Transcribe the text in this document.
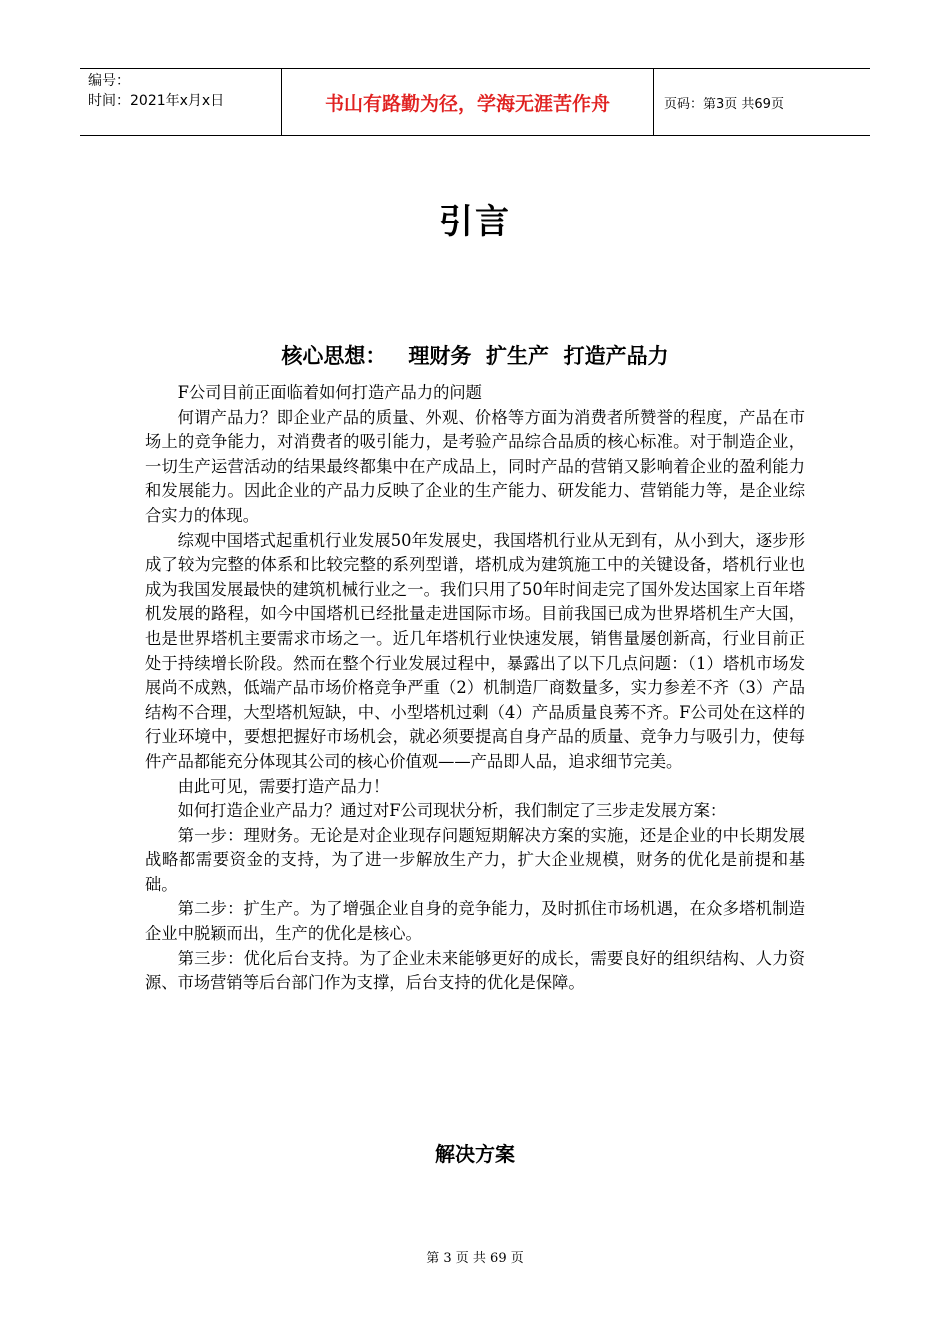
编号：
时间：2021年x月x日	书山有路勤为径，学海无涯苦作舟	页码：第3页 共69页
引言
核心思想：   理财务  扩生产  打造产品力

F公司目前正面临着如何打造产品力的问题

何谓产品力？即企业产品的质量、外观、价格等方面为消费者所赞誉的程度，产品在市场上的竞争能力，对消费者的吸引能力，是考验产品综合品质的核心标准。对于制造企业，一切生产运营活动的结果最终都集中在产成品上，同时产品的营销又影响着企业的盈利能力和发展能力。因此企业的产品力反映了企业的生产能力、研发能力、营销能力等，是企业综合实力的体现。

综观中国塔式起重机行业发展50年发展史，我国塔机行业从无到有，从小到大，逐步形成了较为完整的体系和比较完整的系列型谱，塔机成为建筑施工中的关键设备，塔机行业也成为我国发展最快的建筑机械行业之一。我们只用了50年时间走完了国外发达国家上百年塔机发展的路程，如今中国塔机已经批量走进国际市场。目前我国已成为世界塔机生产大国，也是世界塔机主要需求市场之一。近几年塔机行业快速发展，销售量屡创新高，行业目前正处于持续增长阶段。然而在整个行业发展过程中，暴露出了以下几点问题：（1）塔机市场发展尚不成熟，低端产品市场价格竞争严重（2）机制造厂商数量多，实力参差不齐（3）产品结构不合理，大型塔机短缺，中、小型塔机过剩（4）产品质量良莠不齐。F公司处在这样的行业环境中，要想把握好市场机会，就必须要提高自身产品的质量、竞争力与吸引力，使每件产品都能充分体现其公司的核心价值观——产品即人品，追求细节完美。

由此可见，需要打造产品力！

如何打造企业产品力？通过对F公司现状分析，我们制定了三步走发展方案：

第一步：理财务。无论是对企业现存问题短期解决方案的实施，还是企业的中长期发展战略都需要资金的支持，为了进一步解放生产力，扩大企业规模，财务的优化是前提和基础。

第二步：扩生产。为了增强企业自身的竞争能力，及时抓住市场机遇，在众多塔机制造企业中脱颖而出，生产的优化是核心。

第三步：优化后台支持。为了企业未来能够更好的成长，需要良好的组织结构、人力资源、市场营销等后台部门作为支撑，后台支持的优化是保障。

解决方案
第 3 页 共 69 页
